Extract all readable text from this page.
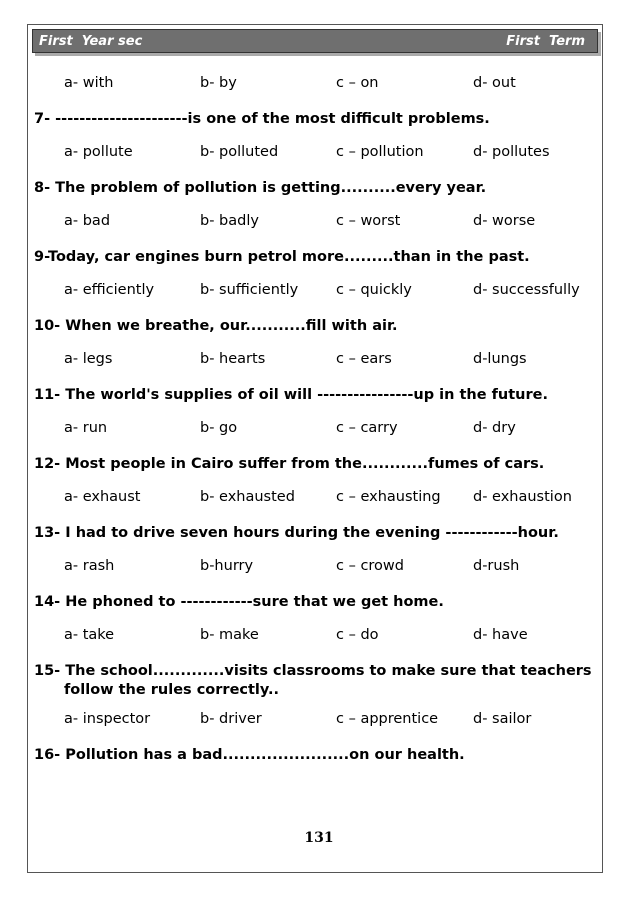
First  Year sec	First  Term
a- with	b- by	c – on	d- out
7- ----------------------is one of the most difficult problems.
a- pollute	b- polluted	c – pollution	d- pollutes
8- The problem of pollution is getting..........every year.
a- bad	b- badly	c – worst	d- worse
9-Today, car engines burn petrol more.........than in the past.
a- efficiently	b- sufficiently	c – quickly	d- successfully
10- When we breathe, our...........fill with air.
a- legs	b- hearts	c – ears	d-lungs
11- The world's supplies of oil will ----------------up in the future.
a- run	b- go	c – carry	d- dry
12- Most people in Cairo suffer from the............fumes of cars.
a- exhaust	b- exhausted	c – exhausting d- exhaustion
13- I had to drive seven hours during the evening ------------hour.
a- rash	b-hurry	c – crowd	d-rush
14- He phoned to ------------sure that we get home.
a- take	b- make	c – do	d- have
15- The school.............visits classrooms to make sure that teachers
follow the rules correctly..
a- inspector	b- driver	c – apprentice d- sailor
16- Pollution has a bad.......................on our health.
131
